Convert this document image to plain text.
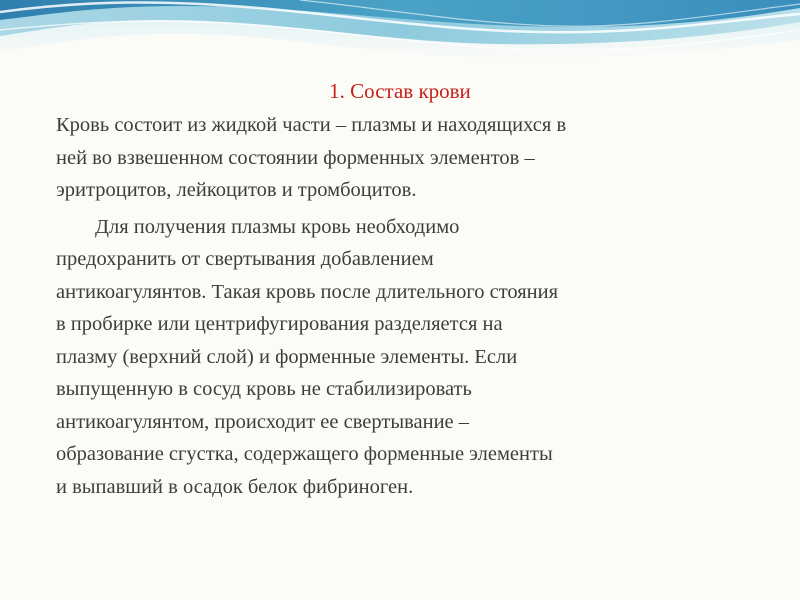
1. Состав крови

Кровь состоит из жидкой части – плазмы и находящихся в
ней во взвешенном состоянии форменных элементов –
эритроцитов, лейкоцитов и тромбоцитов.

Для получения плазмы кровь необходимо
предохранить от свертывания добавлением
антикоагулянтов. Такая кровь после длительного стояния
в пробирке или центрифугирования разделяется на
плазму (верхний слой) и форменные элементы. Если
выпущенную в сосуд кровь не стабилизировать
антикоагулянтом, происходит ее свертывание –
образование сгустка, содержащего форменные элементы
и выпавший в осадок белок фибриноген.
